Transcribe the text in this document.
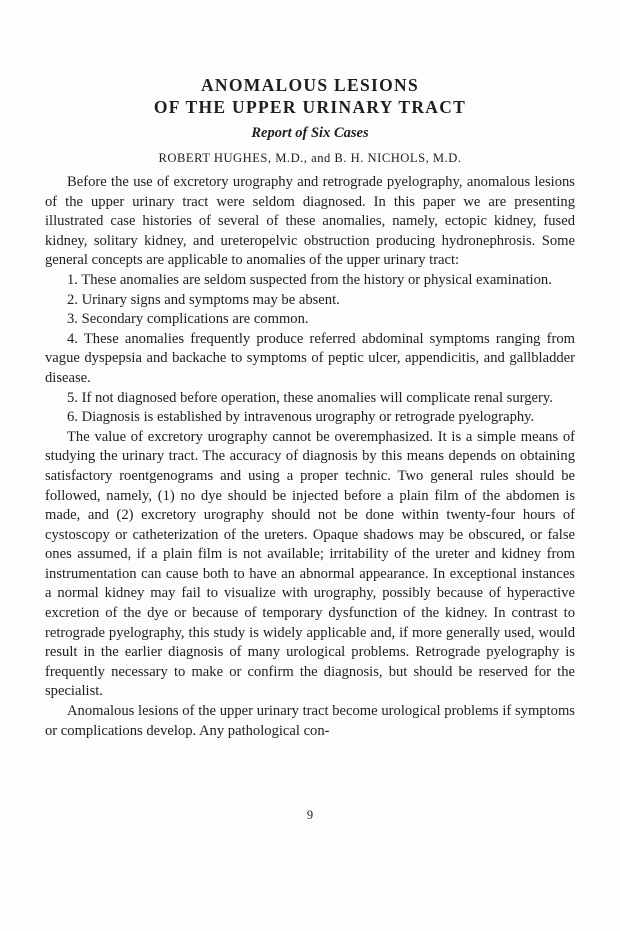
ANOMALOUS LESIONS
OF THE UPPER URINARY TRACT
Report of Six Cases
ROBERT HUGHES, M.D., and B. H. NICHOLS, M.D.

Before the use of excretory urography and retrograde pyelography, anomalous lesions of the upper urinary tract were seldom diagnosed. In this paper we are presenting illustrated case histories of several of these anomalies, namely, ectopic kidney, fused kidney, solitary kidney, and ureteropelvic obstruction producing hydronephrosis. Some general concepts are applicable to anomalies of the upper urinary tract:

1. These anomalies are seldom suspected from the history or physical examination.

2. Urinary signs and symptoms may be absent.

3. Secondary complications are common.

4. These anomalies frequently produce referred abdominal symptoms ranging from vague dyspepsia and backache to symptoms of peptic ulcer, appendicitis, and gallbladder disease.

5. If not diagnosed before operation, these anomalies will complicate renal surgery.

6. Diagnosis is established by intravenous urography or retrograde pyelography.

The value of excretory urography cannot be overemphasized. It is a simple means of studying the urinary tract. The accuracy of diagnosis by this means depends on obtaining satisfactory roentgenograms and using a proper technic. Two general rules should be followed, namely, (1) no dye should be injected before a plain film of the abdomen is made, and (2) excretory urography should not be done within twenty-four hours of cystoscopy or catheterization of the ureters. Opaque shadows may be obscured, or false ones assumed, if a plain film is not available; irritability of the ureter and kidney from instrumentation can cause both to have an abnormal appearance. In exceptional instances a normal kidney may fail to visualize with urography, possibly because of hyperactive excretion of the dye or because of temporary dysfunction of the kidney. In contrast to retrograde pyelography, this study is widely applicable and, if more generally used, would result in the earlier diagnosis of many urological problems. Retrograde pyelography is frequently necessary to make or confirm the diagnosis, but should be reserved for the specialist.

Anomalous lesions of the upper urinary tract become urological problems if symptoms or complications develop. Any pathological con-

9
